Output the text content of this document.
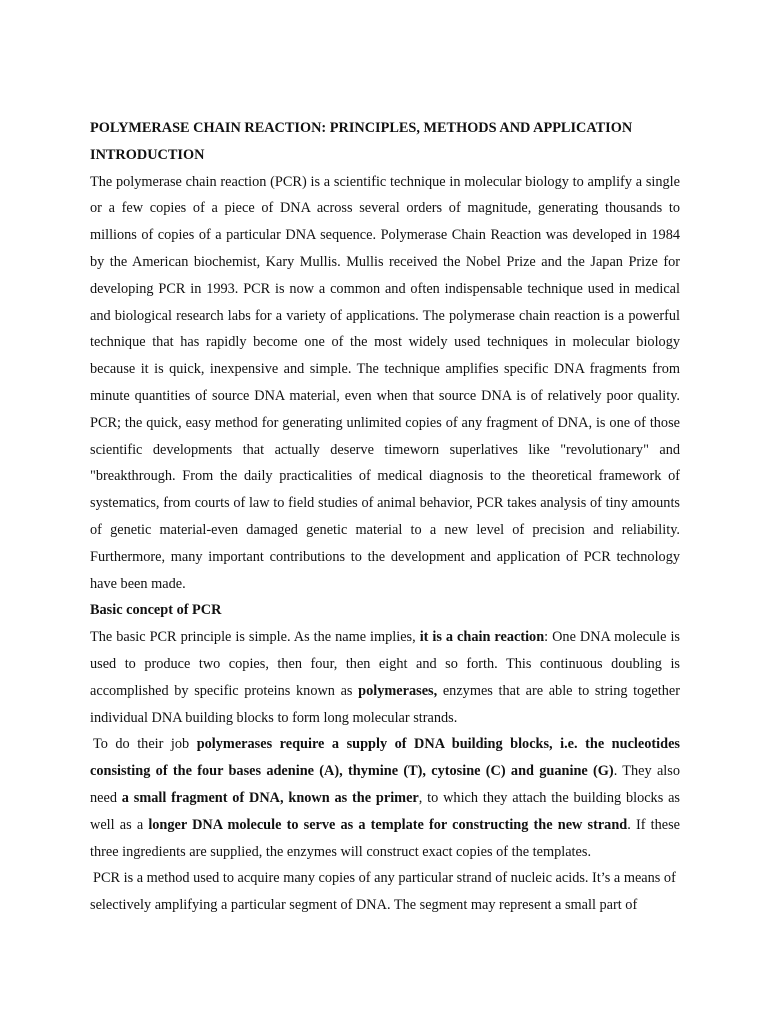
POLYMERASE CHAIN REACTION: PRINCIPLES, METHODS AND APPLICATION

INTRODUCTION

The polymerase chain reaction (PCR) is a scientific technique in molecular biology to amplify a single or a few copies of a piece of DNA across several orders of magnitude, generating thousands to millions of copies of a particular DNA sequence. Polymerase Chain Reaction was developed in 1984 by the American biochemist, Kary Mullis. Mullis received the Nobel Prize and the Japan Prize for developing PCR in 1993. PCR is now a common and often indispensable technique used in medical and biological research labs for a variety of applications. The polymerase chain reaction is a powerful technique that has rapidly become one of the most widely used techniques in molecular biology because it is quick, inexpensive and simple. The technique amplifies specific DNA fragments from minute quantities of source DNA material, even when that source DNA is of relatively poor quality. PCR; the quick, easy method for generating unlimited copies of any fragment of DNA, is one of those scientific developments that actually deserve timeworn superlatives like "revolutionary" and "breakthrough. From the daily practicalities of medical diagnosis to the theoretical framework of systematics, from courts of law to field studies of animal behavior, PCR takes analysis of tiny amounts of genetic material-even damaged genetic material to a new level of precision and reliability. Furthermore, many important contributions to the development and application of PCR technology have been made.

Basic concept of PCR

The basic PCR principle is simple. As the name implies, it is a chain reaction: One DNA molecule is used to produce two copies, then four, then eight and so forth. This continuous doubling is accomplished by specific proteins known as polymerases, enzymes that are able to string together individual DNA building blocks to form long molecular strands.

To do their job polymerases require a supply of DNA building blocks, i.e. the nucleotides consisting of the four bases adenine (A), thymine (T), cytosine (C) and guanine (G). They also need a small fragment of DNA, known as the primer, to which they attach the building blocks as well as a longer DNA molecule to serve as a template for constructing the new strand. If these three ingredients are supplied, the enzymes will construct exact copies of the templates.

PCR is a method used to acquire many copies of any particular strand of nucleic acids. It’s a means of selectively amplifying a particular segment of DNA. The segment may represent a small part of
